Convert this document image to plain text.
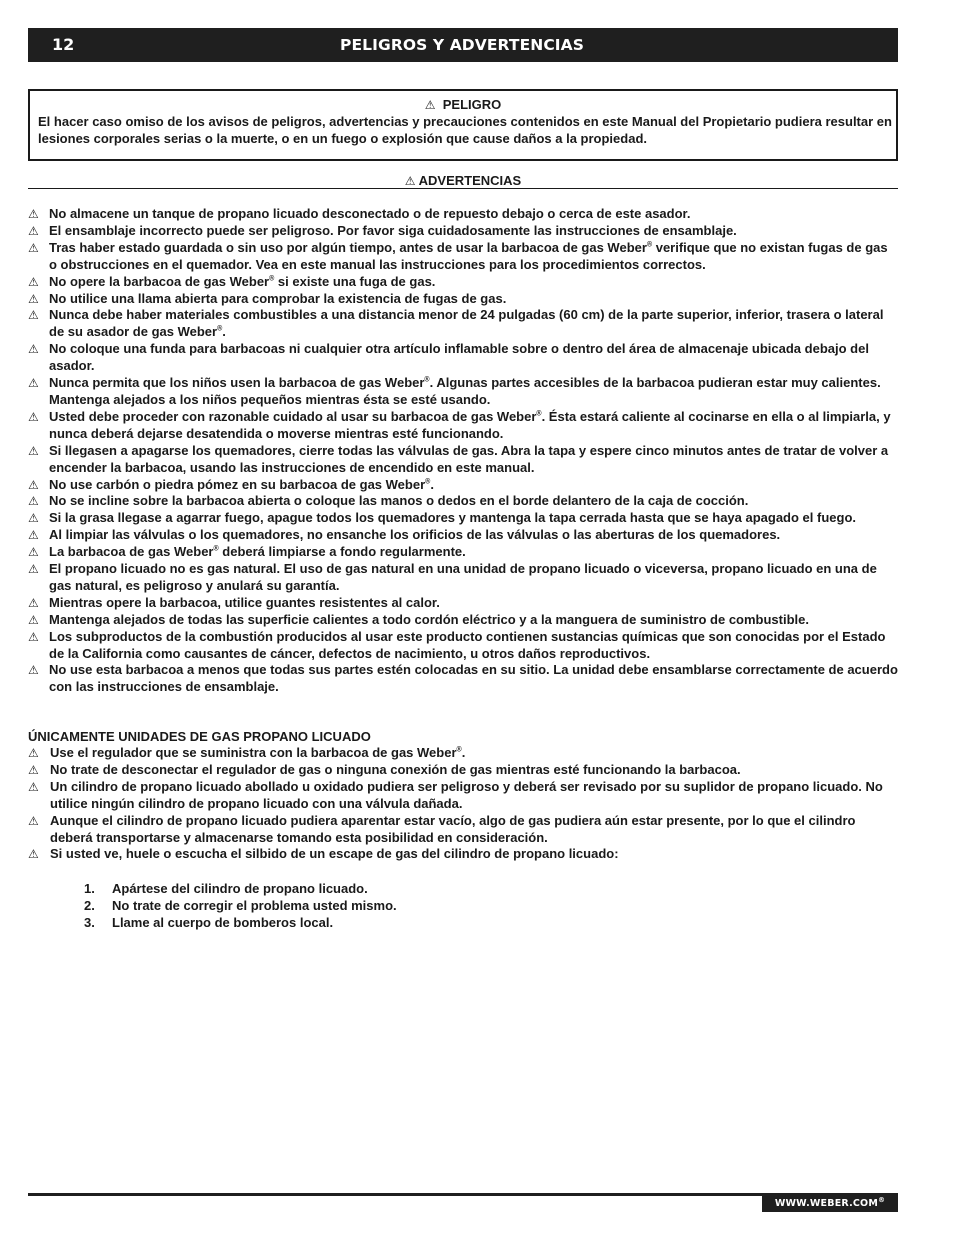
12	PELIGROS Y ADVERTENCIAS
⚠ PELIGRO
El hacer caso omiso de los avisos de peligros, advertencias y precauciones contenidos en este Manual del Propietario pudiera resultar en lesiones corporales serias o la muerte, o en un fuego o explosión que cause daños a la propiedad.
⚠ ADVERTENCIAS
⚠ No almacene un tanque de propano licuado desconectado o de repuesto debajo o cerca de este asador.
⚠ El ensamblaje incorrecto puede ser peligroso. Por favor siga cuidadosamente las instrucciones de ensamblaje.
⚠ Tras haber estado guardada o sin uso por algún tiempo, antes de usar la barbacoa de gas Weber® verifique que no existan fugas de gas o obstrucciones en el quemador. Vea en este manual las instrucciones para los procedimientos correctos.
⚠ No opere la barbacoa de gas Weber® si existe una fuga de gas.
⚠ No utilice una llama abierta para comprobar la existencia de fugas de gas.
⚠ Nunca debe haber materiales combustibles a una distancia menor de 24 pulgadas (60 cm) de la parte superior, inferior, trasera o lateral de su asador de gas Weber®.
⚠ No coloque una funda para barbacoas ni cualquier otra artículo inflamable sobre o dentro del área de almacenaje ubicada debajo del asador.
⚠ Nunca permita que los niños usen la barbacoa de gas Weber®. Algunas partes accesibles de la barbacoa pudieran estar muy calientes. Mantenga alejados a los niños pequeños mientras ésta se esté usando.
⚠ Usted debe proceder con razonable cuidado al usar su barbacoa de gas Weber®. Ésta estará caliente al cocinarse en ella o al limpiarla, y nunca deberá dejarse desatendida o moverse mientras esté funcionando.
⚠ Si llegasen a apagarse los quemadores, cierre todas las válvulas de gas. Abra la tapa y espere cinco minutos antes de tratar de volver a encender la barbacoa, usando las instrucciones de encendido en este manual.
⚠ No use carbón o piedra pómez en su barbacoa de gas Weber®.
⚠ No se incline sobre la barbacoa abierta o coloque las manos o dedos en el borde delantero de la caja de cocción.
⚠ Si la grasa llegase a agarrar fuego, apague todos los quemadores y mantenga la tapa cerrada hasta que se haya apagado el fuego.
⚠ Al limpiar las válvulas o los quemadores, no ensanche los orificios de las válvulas o las aberturas de los quemadores.
⚠ La barbacoa de gas Weber® deberá limpiarse a fondo regularmente.
⚠ El propano licuado no es gas natural. El uso de gas natural en una unidad de propano licuado o viceversa, propano licuado en una de gas natural, es peligroso y anulará su garantía.
⚠ Mientras opere la barbacoa, utilice guantes resistentes al calor.
⚠ Mantenga alejados de todas las superficie calientes a todo cordón eléctrico y a la manguera de suministro de combustible.
⚠ Los subproductos de la combustión producidos al usar este producto contienen sustancias químicas que son conocidas por el Estado de la California como causantes de cáncer, defectos de nacimiento, u otros daños reproductivos.
⚠ No use esta barbacoa a menos que todas sus partes estén colocadas en su sitio. La unidad debe ensamblarse correctamente de acuerdo con las instrucciones de ensamblaje.
ÚNICAMENTE UNIDADES DE GAS PROPANO LICUADO
⚠ Use el regulador que se suministra con la barbacoa de gas Weber®.
⚠ No trate de desconectar el regulador de gas o ninguna conexión de gas mientras esté funcionando la barbacoa.
⚠ Un cilindro de propano licuado abollado u oxidado pudiera ser peligroso y deberá ser revisado por su suplidor de propano licuado. No utilice ningún cilindro de propano licuado con una válvula dañada.
⚠ Aunque el cilindro de propano licuado pudiera aparentar estar vacío, algo de gas pudiera aún estar presente, por lo que el cilindro deberá transportarse y almacenarse tomando esta posibilidad en consideración.
⚠ Si usted ve, huele o escucha el silbido de un escape de gas del cilindro de propano licuado:
1. Apártese del cilindro de propano licuado.
2. No trate de corregir el problema usted mismo.
3. Llame al cuerpo de bomberos local.
WWW.WEBER.COM®
